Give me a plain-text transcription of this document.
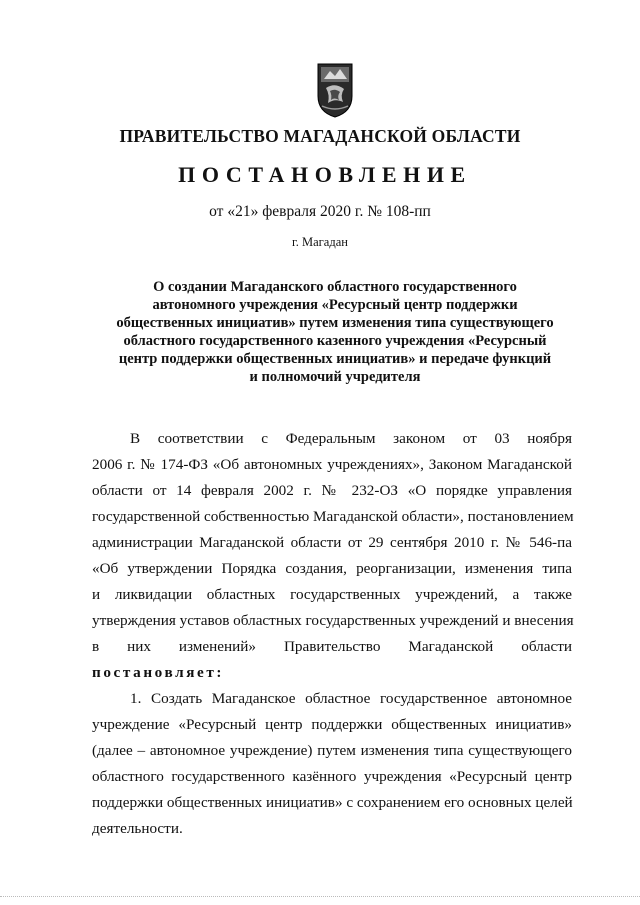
ПРАВИТЕЛЬСТВО МАГАДАНСКОЙ ОБЛАСТИ
ПОСТАНОВЛЕНИЕ
от «21» февраля 2020 г. № 108-пп
г. Магадан
О создании Магаданского областного государственного
автономного учреждения «Ресурсный центр поддержки
общественных инициатив» путем изменения типа существующего
областного государственного казенного учреждения «Ресурсный
центр поддержки общественных инициатив» и передаче функций
и полномочий учредителя
В соответствии с Федеральным законом от 03 ноября
2006 г. № 174-ФЗ «Об автономных учреждениях», Законом Магаданской
области от 14 февраля 2002 г. № 232-ОЗ «О порядке управления
государственной собственностью Магаданской области», постановлением
администрации Магаданской области от 29 сентября 2010 г. № 546-па
«Об утверждении Порядка создания, реорганизации, изменения типа
и ликвидации областных государственных учреждений, а также
утверждения уставов областных государственных учреждений и внесения
в них изменений» Правительство Магаданской области
постановляет:
1. Создать Магаданское областное государственное автономное
учреждение «Ресурсный центр поддержки общественных инициатив»
(далее – автономное учреждение) путем изменения типа существующего
областного государственного казённого учреждения «Ресурсный центр
поддержки общественных инициатив» с сохранением его основных целей
деятельности.
